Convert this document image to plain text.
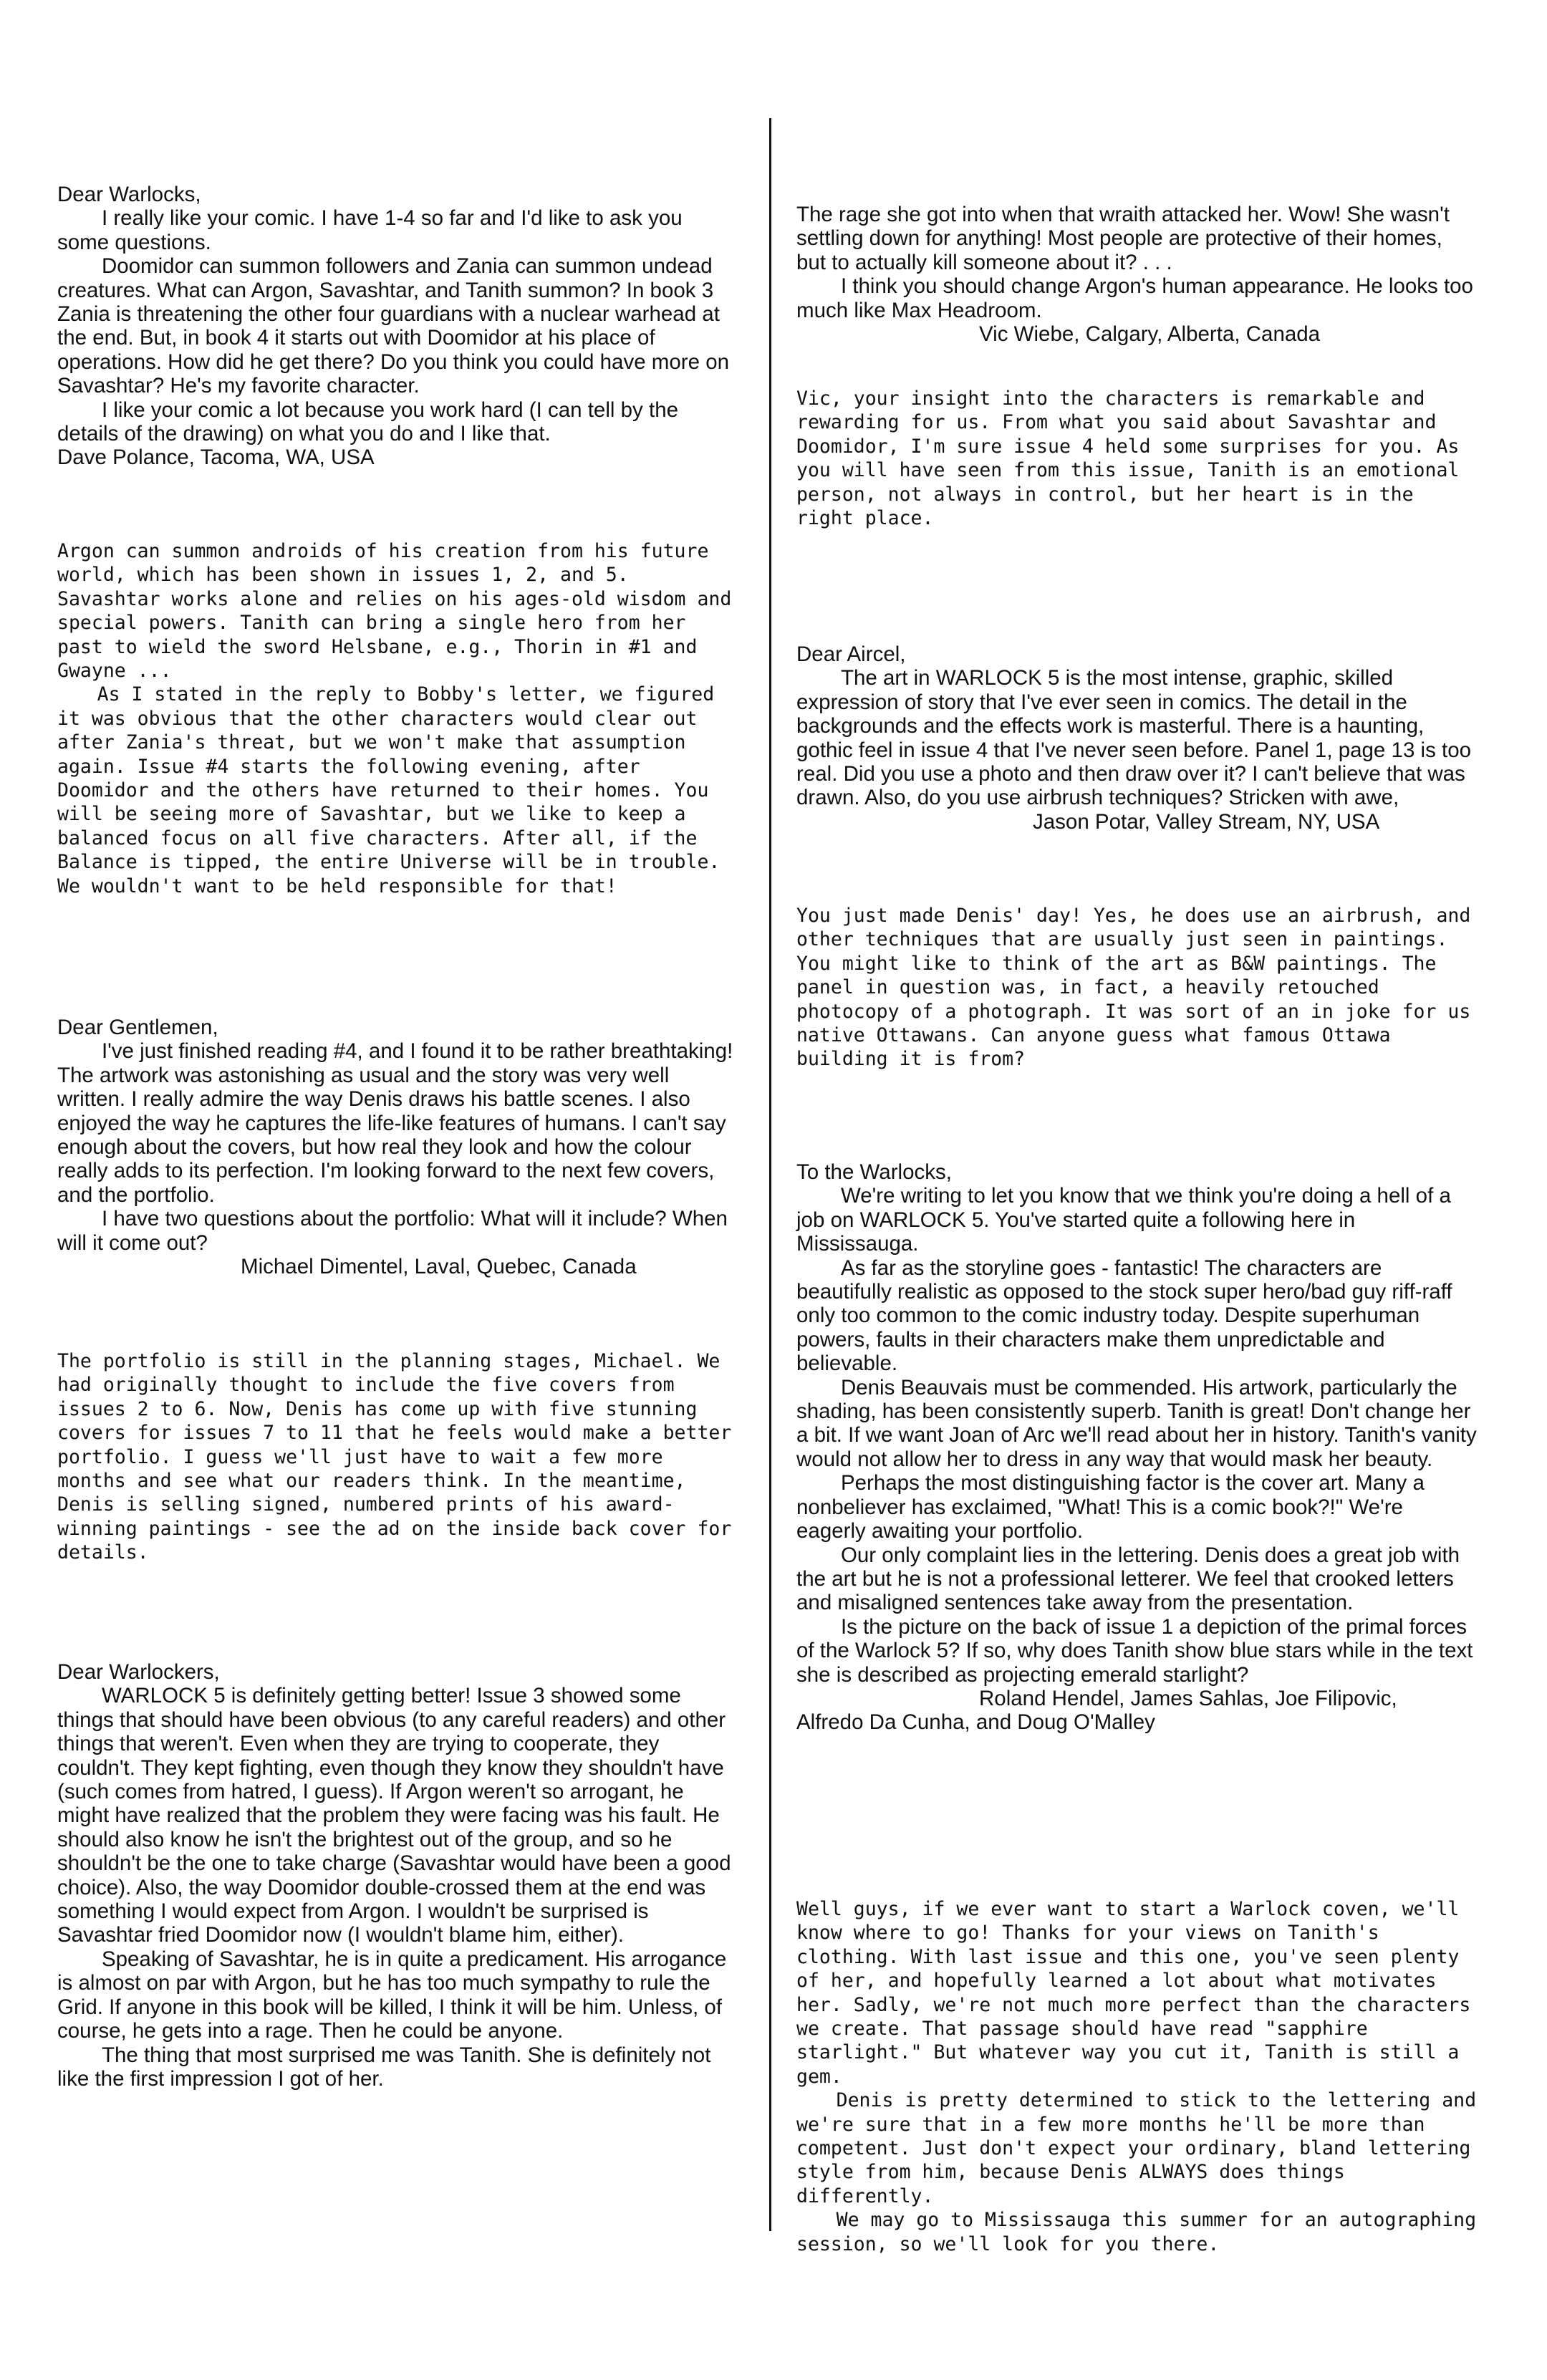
Dear Warlocks,

I really like your comic. I have 1-4 so far and I'd like to ask you some questions.

Doomidor can summon followers and Zania can summon undead creatures. What can Argon, Savashtar, and Tanith summon? In book 3 Zania is threatening the other four guardians with a nuclear warhead at the end. But, in book 4 it starts out with Doomidor at his place of operations. How did he get there? Do you think you could have more on Savashtar? He's my favorite character.

I like your comic a lot because you work hard (I can tell by the details of the drawing) on what you do and I like that.

Dave Polance, Tacoma, WA, USA

Argon can summon androids of his creation from his future world, which has been shown in issues 1, 2, and 5. Savashtar works alone and relies on his ages-old wisdom and special powers. Tanith can bring a single hero from her past to wield the sword Helsbane, e.g., Thorin in #1 and Gwayne ...

As I stated in the reply to Bobby's letter, we figured it was obvious that the other characters would clear out after Zania's threat, but we won't make that assumption again. Issue #4 starts the following evening, after Doomidor and the others have returned to their homes. You will be seeing more of Savashtar, but we like to keep a balanced focus on all five characters. After all, if the Balance is tipped, the entire Universe will be in trouble. We wouldn't want to be held responsible for that!

Dear Gentlemen,

I've just finished reading #4, and I found it to be rather breathtaking! The artwork was astonishing as usual and the story was very well written. I really admire the way Denis draws his battle scenes. I also enjoyed the way he captures the life-like features of humans. I can't say enough about the covers, but how real they look and how the colour really adds to its perfection. I'm looking forward to the next few covers, and the portfolio.

I have two questions about the portfolio: What will it include? When will it come out?

Michael Dimentel, Laval, Quebec, Canada

The portfolio is still in the planning stages, Michael. We had originally thought to include the five covers from issues 2 to 6. Now, Denis has come up with five stunning covers for issues 7 to 11 that he feels would make a better portfolio. I guess we'll just have to wait a few more months and see what our readers think. In the meantime, Denis is selling signed, numbered prints of his award-winning paintings - see the ad on the inside back cover for details.

Dear Warlockers,

WARLOCK 5 is definitely getting better! Issue 3 showed some things that should have been obvious (to any careful readers) and other things that weren't. Even when they are trying to cooperate, they couldn't. They kept fighting, even though they know they shouldn't have (such comes from hatred, I guess). If Argon weren't so arrogant, he might have realized that the problem they were facing was his fault. He should also know he isn't the brightest out of the group, and so he shouldn't be the one to take charge (Savashtar would have been a good choice). Also, the way Doomidor double-crossed them at the end was something I would expect from Argon. I wouldn't be surprised is Savashtar fried Doomidor now (I wouldn't blame him, either).

Speaking of Savashtar, he is in quite a predicament. His arrogance is almost on par with Argon, but he has too much sympathy to rule the Grid. If anyone in this book will be killed, I think it will be him. Unless, of course, he gets into a rage. Then he could be anyone.

The thing that most surprised me was Tanith. She is definitely not like the first impression I got of her.

The rage she got into when that wraith attacked her. Wow! She wasn't settling down for anything! Most people are protective of their homes, but to actually kill someone about it? . . .

I think you should change Argon's human appearance. He looks too much like Max Headroom.

Vic Wiebe, Calgary, Alberta, Canada

Vic, your insight into the characters is remarkable and rewarding for us. From what you said about Savashtar and Doomidor, I'm sure issue 4 held some surprises for you. As you will have seen from this issue, Tanith is an emotional person, not always in control, but her heart is in the right place.

Dear Aircel,

The art in WARLOCK 5 is the most intense, graphic, skilled expression of story that I've ever seen in comics. The detail in the backgrounds and the effects work is masterful. There is a haunting, gothic feel in issue 4 that I've never seen before. Panel 1, page 13 is too real. Did you use a photo and then draw over it? I can't believe that was drawn. Also, do you use airbrush techniques? Stricken with awe,

Jason Potar, Valley Stream, NY, USA

You just made Denis' day! Yes, he does use an airbrush, and other techniques that are usually just seen in paintings. You might like to think of the art as B&W paintings. The panel in question was, in fact, a heavily retouched photocopy of a photograph. It was sort of an in joke for us native Ottawans. Can anyone guess what famous Ottawa building it is from?

To the Warlocks,

We're writing to let you know that we think you're doing a hell of a job on WARLOCK 5. You've started quite a following here in Mississauga.

As far as the storyline goes - fantastic! The characters are beautifully realistic as opposed to the stock super hero/bad guy riff-raff only too common to the comic industry today. Despite superhuman powers, faults in their characters make them unpredictable and believable.

Denis Beauvais must be commended. His artwork, particularly the shading, has been consistently superb. Tanith is great! Don't change her a bit. If we want Joan of Arc we'll read about her in history. Tanith's vanity would not allow her to dress in any way that would mask her beauty.

Perhaps the most distinguishing factor is the cover art. Many a nonbeliever has exclaimed, "What! This is a comic book?!" We're eagerly awaiting your portfolio.

Our only complaint lies in the lettering. Denis does a great job with the art but he is not a professional letterer. We feel that crooked letters and misaligned sentences take away from the presentation.

Is the picture on the back of issue 1 a depiction of the primal forces of the Warlock 5? If so, why does Tanith show blue stars while in the text she is described as projecting emerald starlight?

Roland Hendel, James Sahlas, Joe Filipovic,

Alfredo Da Cunha, and Doug O'Malley

Well guys, if we ever want to start a Warlock coven, we'll know where to go! Thanks for your views on Tanith's clothing. With last issue and this one, you've seen plenty of her, and hopefully learned a lot about what motivates her. Sadly, we're not much more perfect than the characters we create. That passage should have read "sapphire starlight." But whatever way you cut it, Tanith is still a gem.

Denis is pretty determined to stick to the lettering and we're sure that in a few more months he'll be more than competent. Just don't expect your ordinary, bland lettering style from him, because Denis ALWAYS does things differently.

We may go to Mississauga this summer for an autographing session, so we'll look for you there.
